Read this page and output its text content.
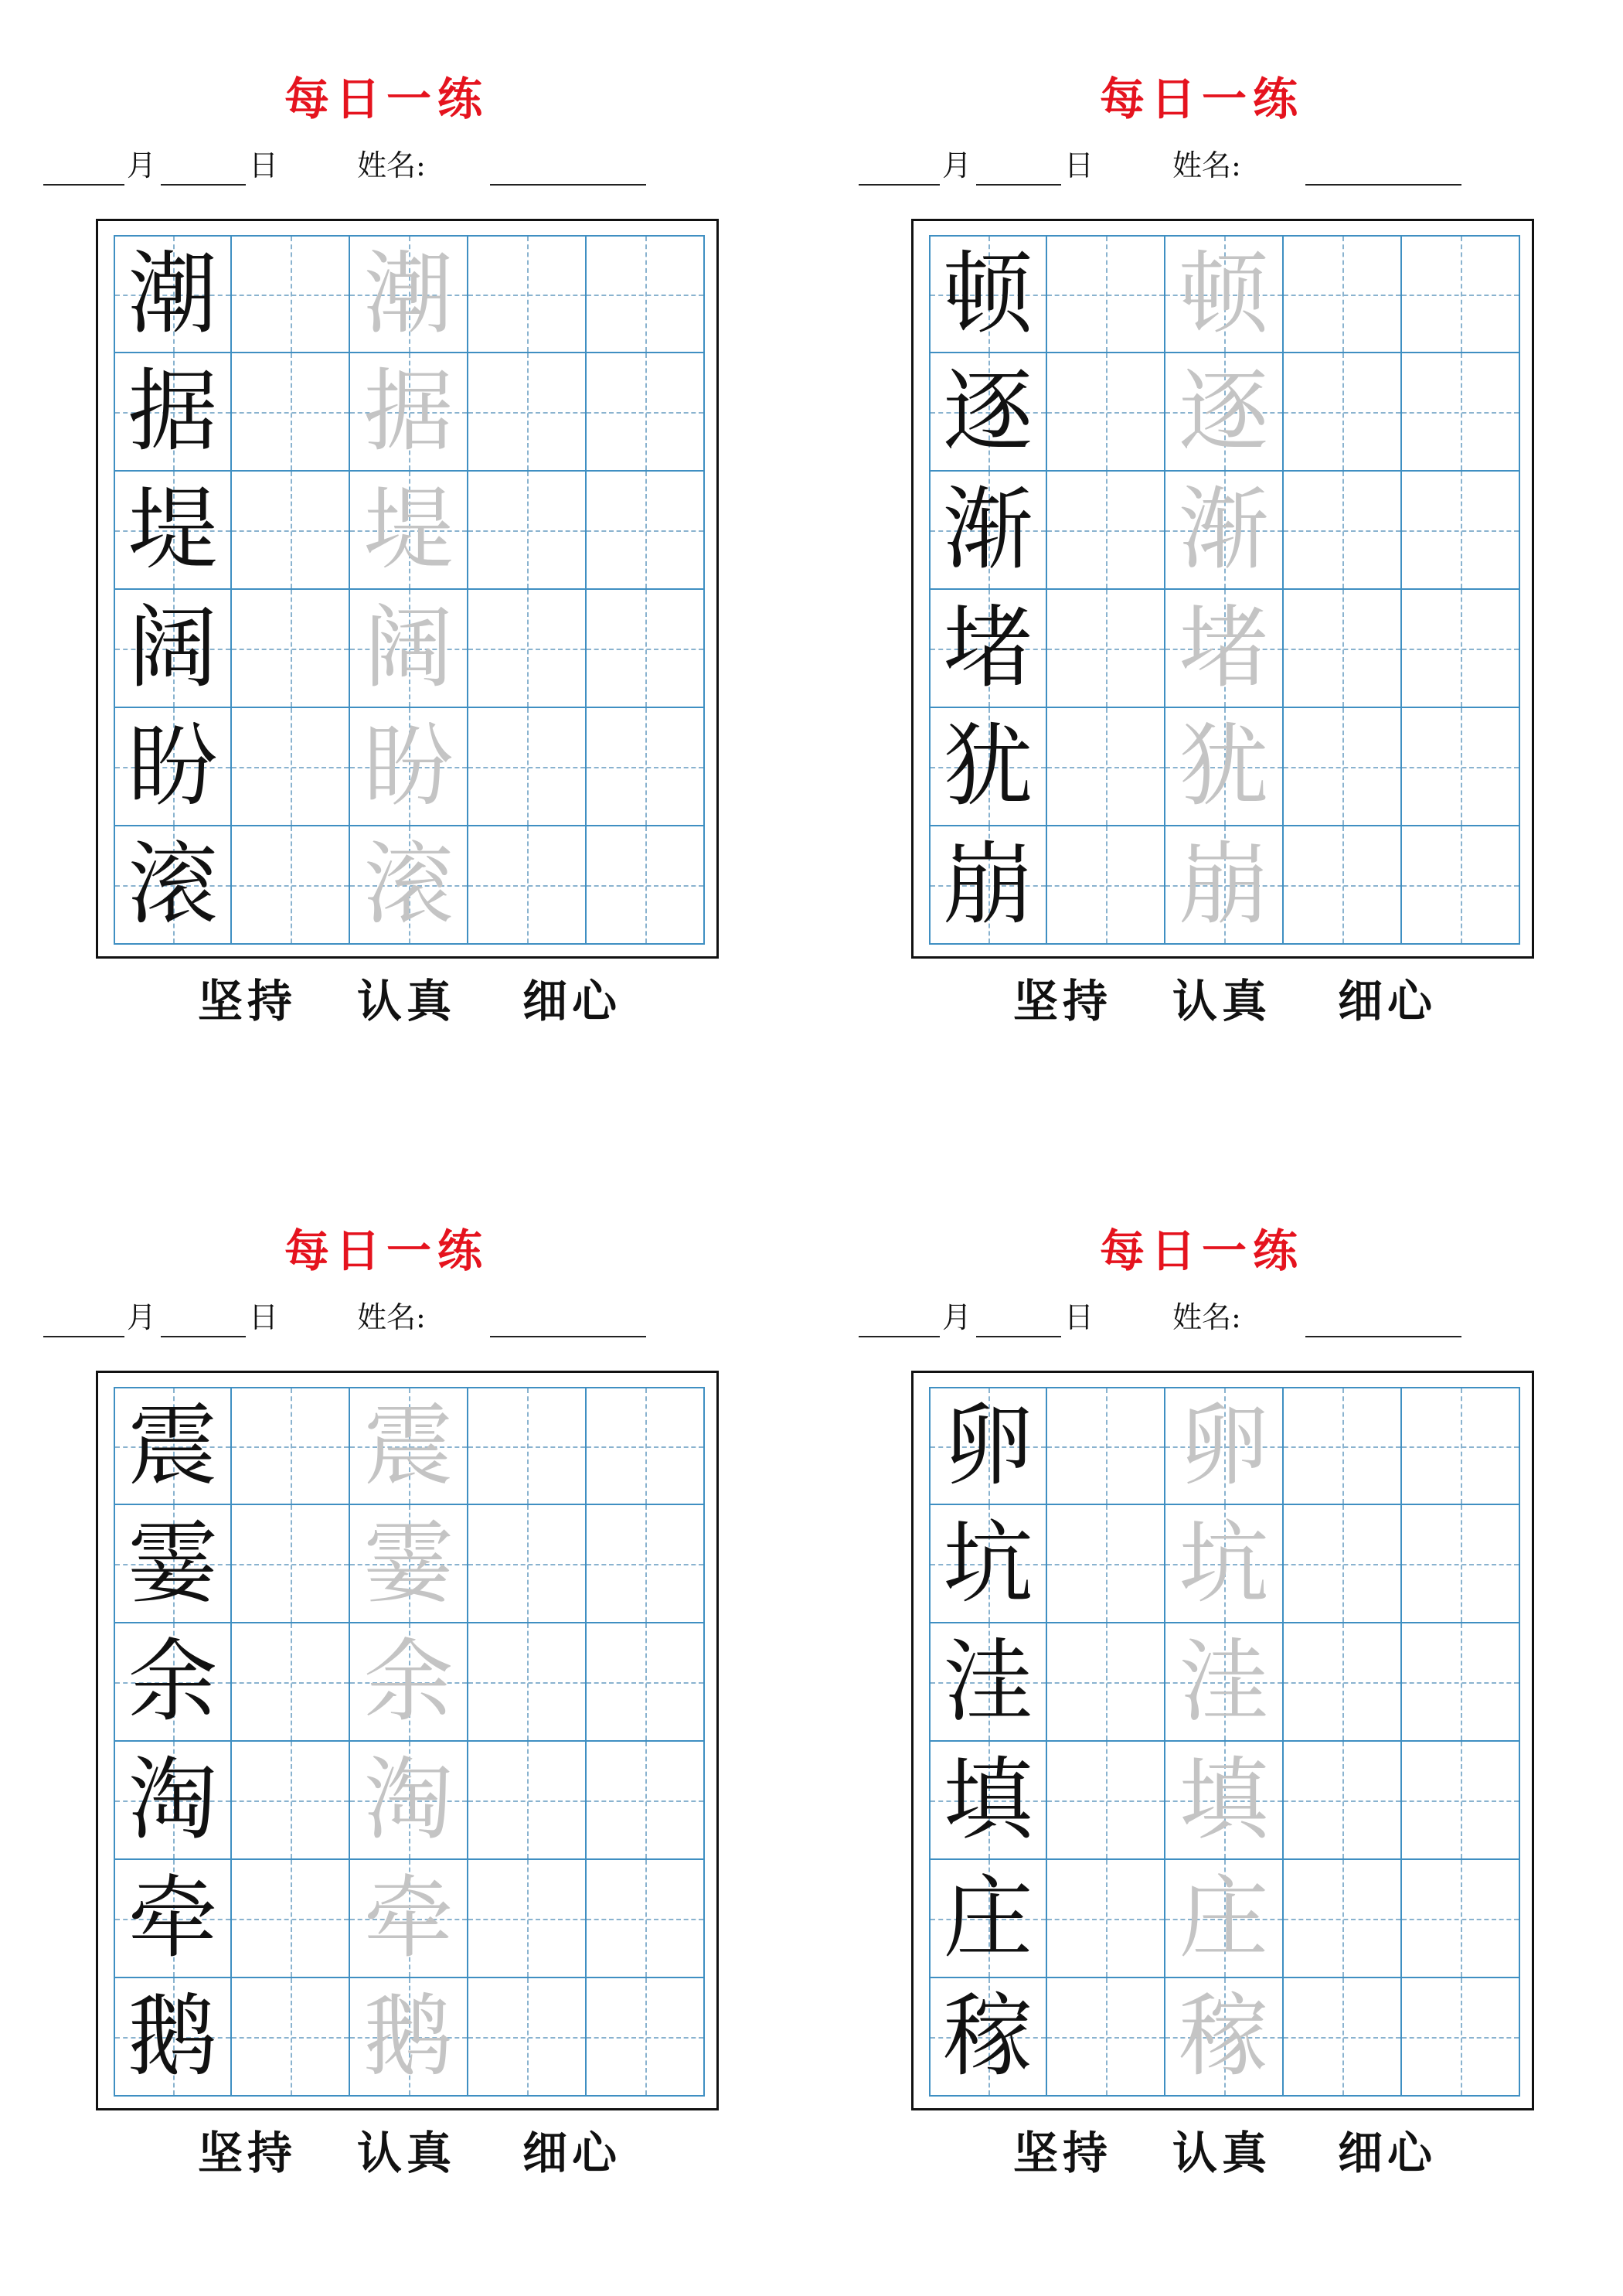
每日一练
月	日	姓名:
潮 潮
据 据
堤 堤
阔 阔
盼 盼
滚 滚
坚持 认真 细心
每日一练
月	日	姓名:
顿 顿
逐 逐
渐 渐
堵 堵
犹 犹
崩 崩
坚持 认真 细心
每日一练
月	日	姓名:
震 震
霎 霎
余 余
淘 淘
牵 牵
鹅 鹅
坚持 认真 细心
每日一练
月	日	姓名:
卵 卵
坑 坑
洼 洼
填 填
庄 庄
稼 稼
坚持 认真 细心
